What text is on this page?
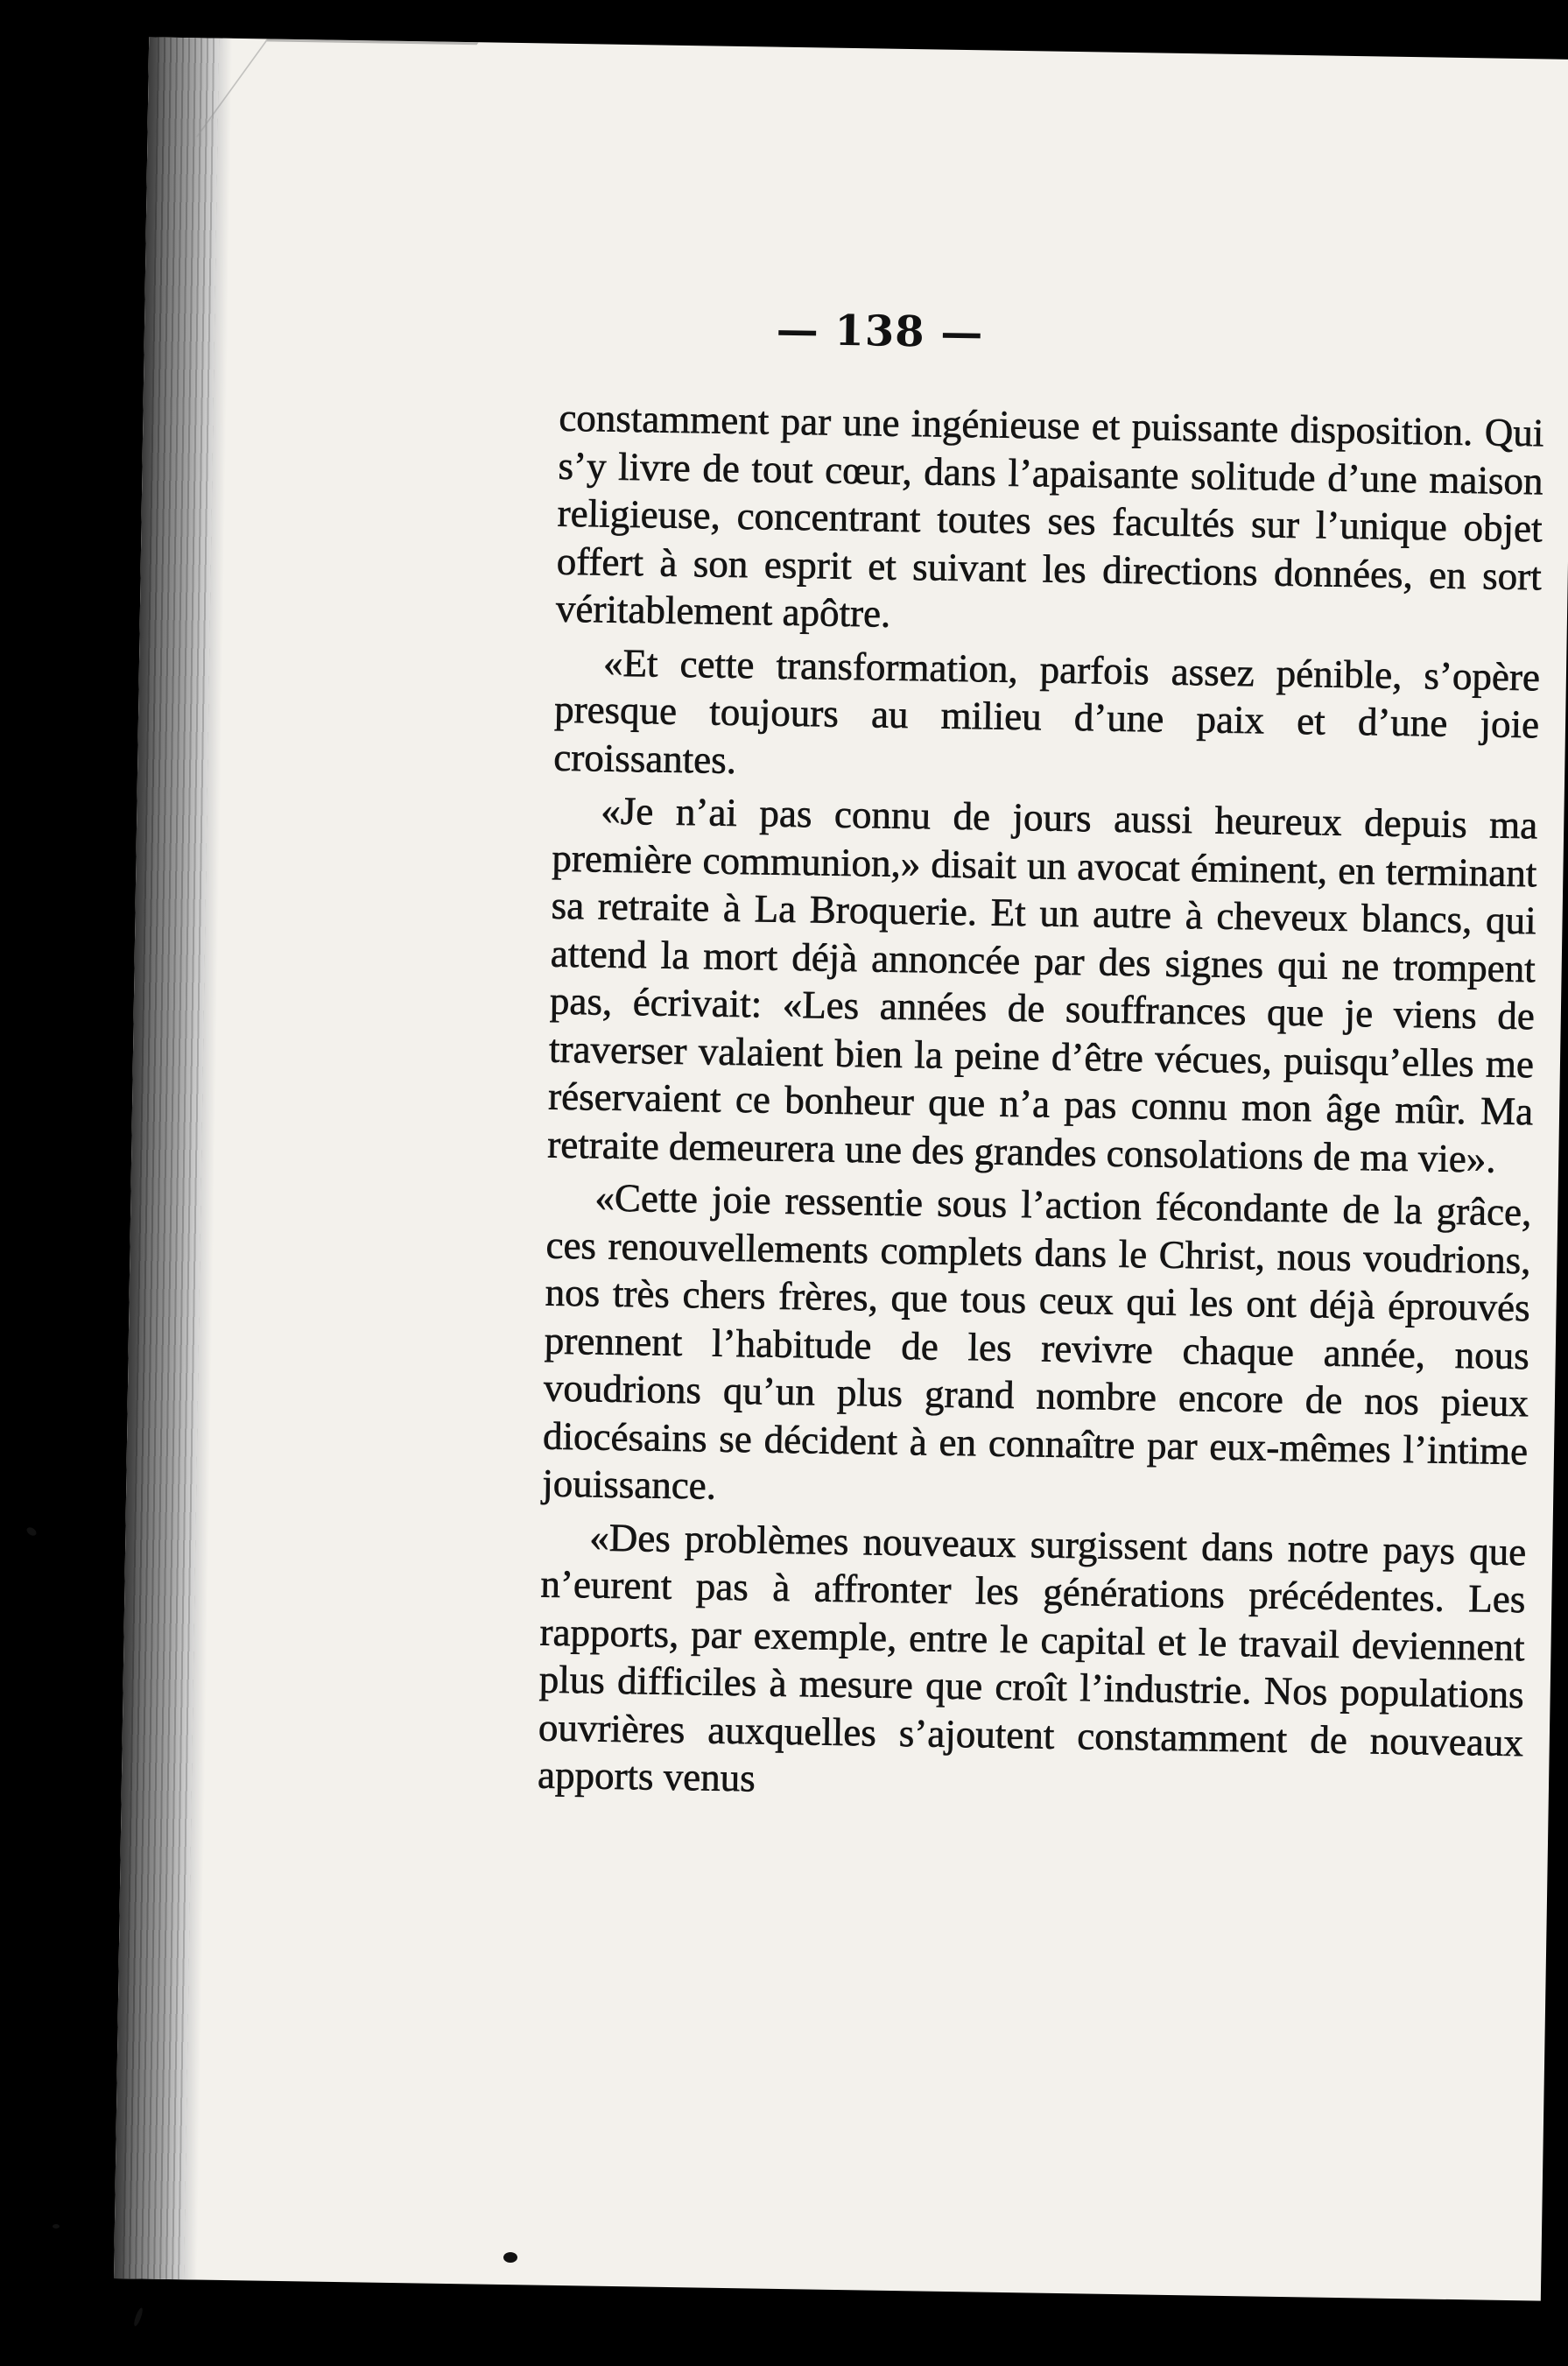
— 138 —

constamment par une ingénieuse et puissante disposition. Qui s’y livre de tout cœur, dans l’apaisante solitude d’une maison religieuse, concentrant toutes ses facultés sur l’unique objet offert à son esprit et suivant les directions données, en sort véritablement apôtre.

«Et cette transformation, parfois assez pénible, s’opère presque toujours au milieu d’une paix et d’une joie croissantes.

«Je n’ai pas connu de jours aussi heureux depuis ma première communion,» disait un avocat éminent, en terminant sa retraite à La Broquerie. Et un autre à cheveux blancs, qui attend la mort déjà annoncée par des signes qui ne trompent pas, écrivait: «Les années de souffrances que je viens de traverser valaient bien la peine d’être vécues, puisqu’elles me réservaient ce bonheur que n’a pas connu mon âge mûr. Ma retraite demeurera une des grandes consolations de ma vie».

«Cette joie ressentie sous l’action fécondante de la grâce, ces renouvellements complets dans le Christ, nous voudrions, nos très chers frères, que tous ceux qui les ont déjà éprouvés prennent l’habitude de les revivre chaque année, nous voudrions qu’un plus grand nombre encore de nos pieux diocésains se décident à en connaître par eux-mêmes l’intime jouissance.

«Des problèmes nouveaux surgissent dans notre pays que n’eurent pas à affronter les générations précédentes. Les rapports, par exemple, entre le capital et le travail deviennent plus difficiles à mesure que croît l’industrie. Nos populations ouvrières auxquelles s’ajoutent constamment de nouveaux apports venus
